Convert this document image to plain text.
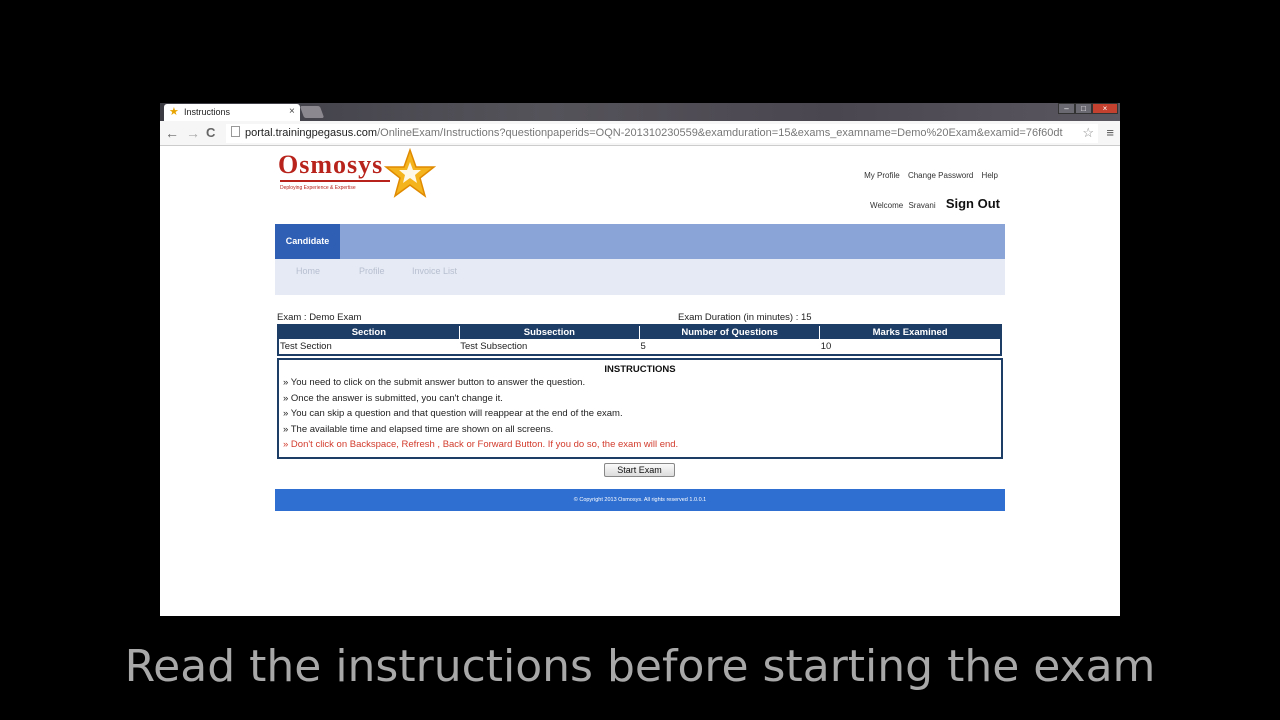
★ Instructions	×	–	□	×
← → C	portal.trainingpegasus.com/OnlineExam/Instructions?questionpaperids=OQN-201310230559&examduration=15&exams_examname=Demo%20Exam&examid=76f60dt	☆ ≡
Osmosys
Deploying Experience & Expertise
My Profile Change Password Help
Welcome Sravani Sign Out
Candidate
Home	Profile	Invoice List
Exam : Demo Exam	Exam Duration (in minutes) : 15
Section	Subsection	Number of Questions	Marks Examined
Test Section	Test Subsection	5	10
INSTRUCTIONS
» You need to click on the submit answer button to answer the question.
» Once the answer is submitted, you can't change it.
» You can skip a question and that question will reappear at the end of the exam.
» The available time and elapsed time are shown on all screens.
» Don't click on Backspace, Refresh , Back or Forward Button. If you do so, the exam will end.
Start Exam
© Copyright 2013 Osmosys. All rights reserved 1.0.0.1
Read the instructions before starting the exam
